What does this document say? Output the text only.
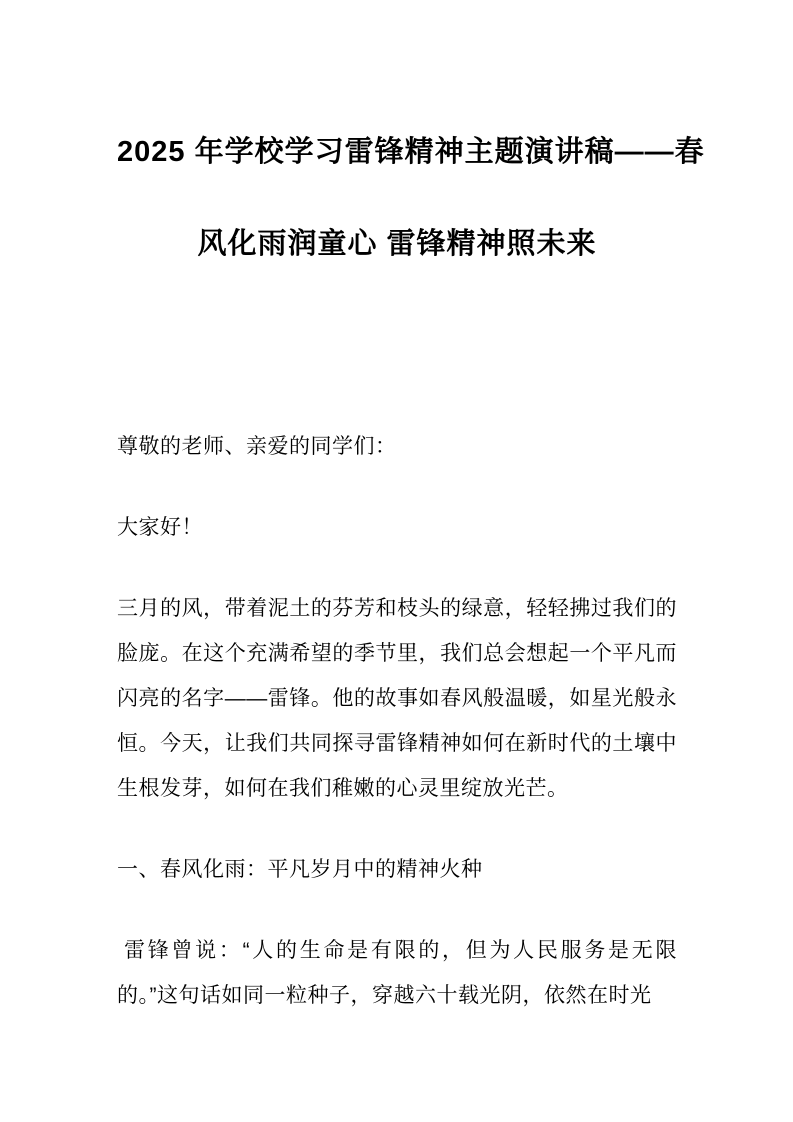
2025 年学校学习雷锋精神主题演讲稿——春
风化雨润童心 雷锋精神照未来

尊敬的老师、亲爱的同学们：

大家好！

三月的风，带着泥土的芬芳和枝头的绿意，轻轻拂过我们的脸庞。在这个充满希望的季节里，我们总会想起一个平凡而闪亮的名字——雷锋。他的故事如春风般温暖，如星光般永恒。今天，让我们共同探寻雷锋精神如何在新时代的土壤中生根发芽，如何在我们稚嫩的心灵里绽放光芒。

一、春风化雨：平凡岁月中的精神火种

雷锋曾说：“人的生命是有限的，但为人民服务是无限的。”这句话如同一粒种子，穿越六十载光阴，依然在时光
